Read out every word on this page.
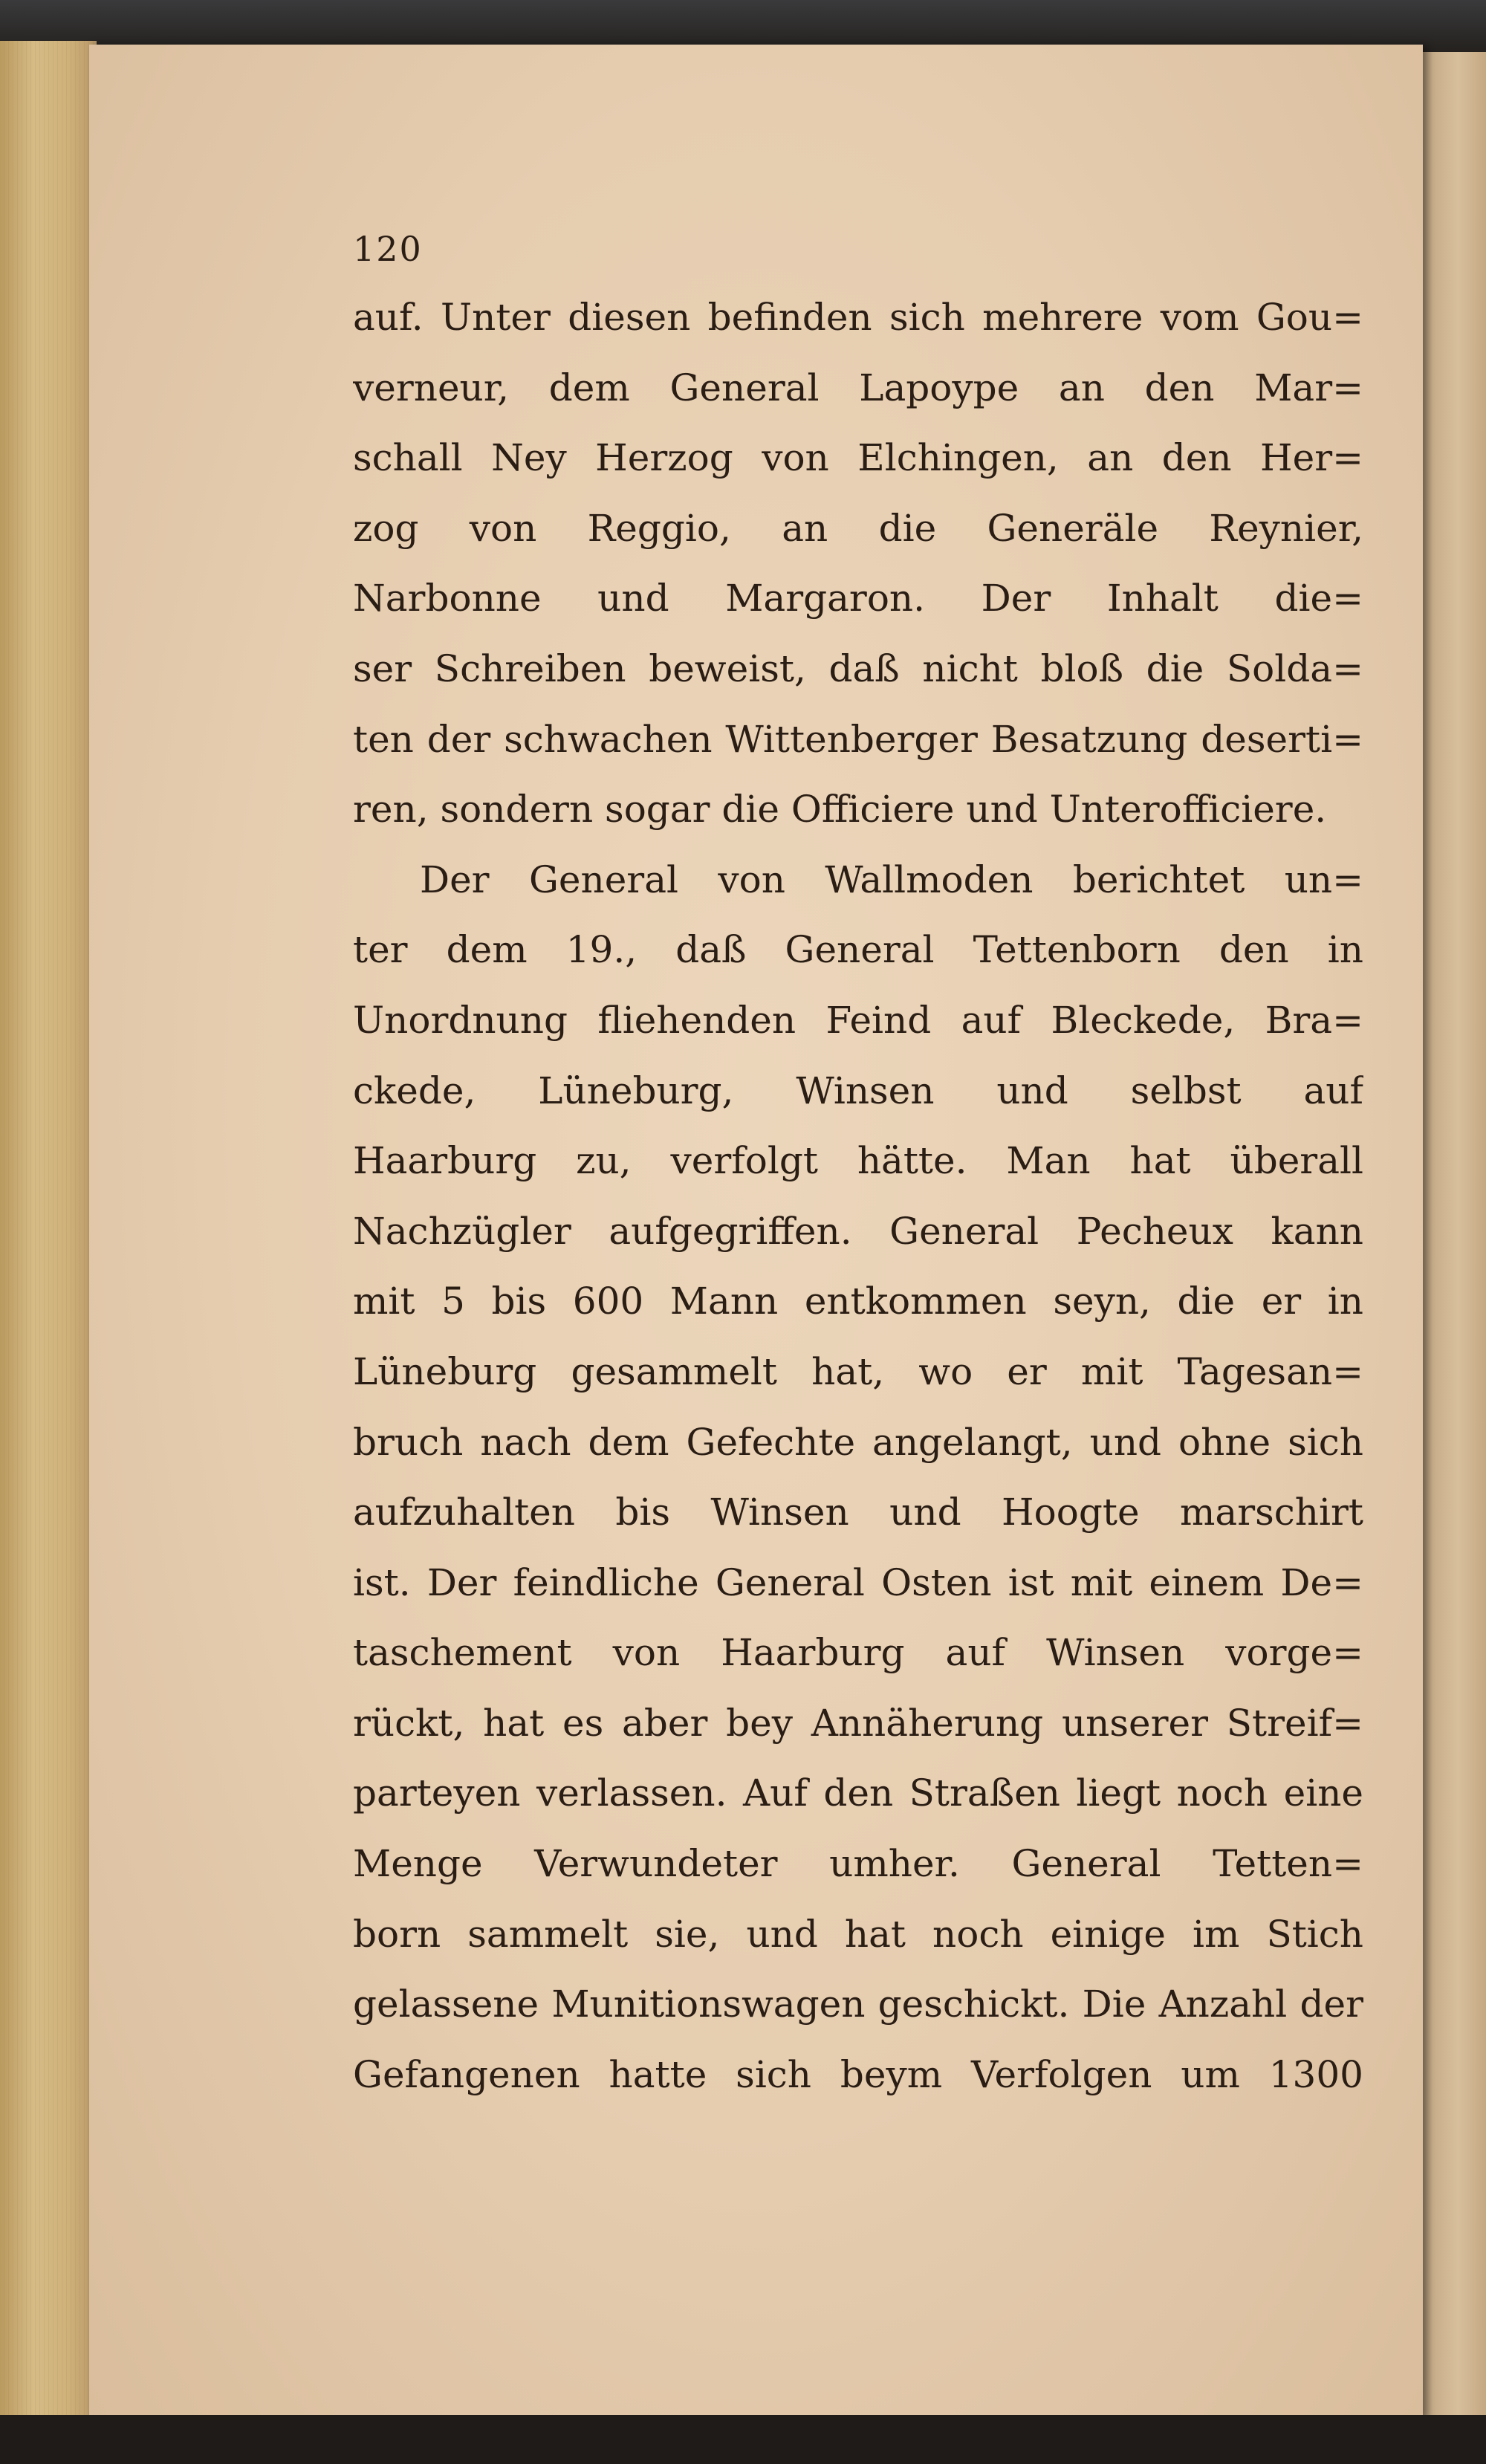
120
auf. Unter diesen befinden sich mehrere vom Gou=
verneur, dem General Lapoype an den Mar=
schall Ney Herzog von Elchingen, an den Her=
zog von Reggio, an die Generäle Reynier,
Narbonne und Margaron. Der Inhalt die=
ser Schreiben beweist, daß nicht bloß die Solda=
ten der schwachen Wittenberger Besatzung deserti=
ren, sondern sogar die Officiere und Unterofficiere.
Der General von Wallmoden berichtet un=
ter dem 19., daß General Tettenborn den in
Unordnung fliehenden Feind auf Bleckede, Bra=
ckede, Lüneburg, Winsen und selbst auf
Haarburg zu, verfolgt hätte. Man hat überall
Nachzügler aufgegriffen. General Pecheux kann
mit 5 bis 600 Mann entkommen seyn, die er in
Lüneburg gesammelt hat, wo er mit Tagesan=
bruch nach dem Gefechte angelangt, und ohne sich
aufzuhalten bis Winsen und Hoogte marschirt
ist. Der feindliche General Osten ist mit einem De=
taschement von Haarburg auf Winsen vorge=
rückt, hat es aber bey Annäherung unserer Streif=
parteyen verlassen. Auf den Straßen liegt noch eine
Menge Verwundeter umher. General Tetten=
born sammelt sie, und hat noch einige im Stich
gelassene Munitionswagen geschickt. Die Anzahl der
Gefangenen hatte sich beym Verfolgen um 1300
